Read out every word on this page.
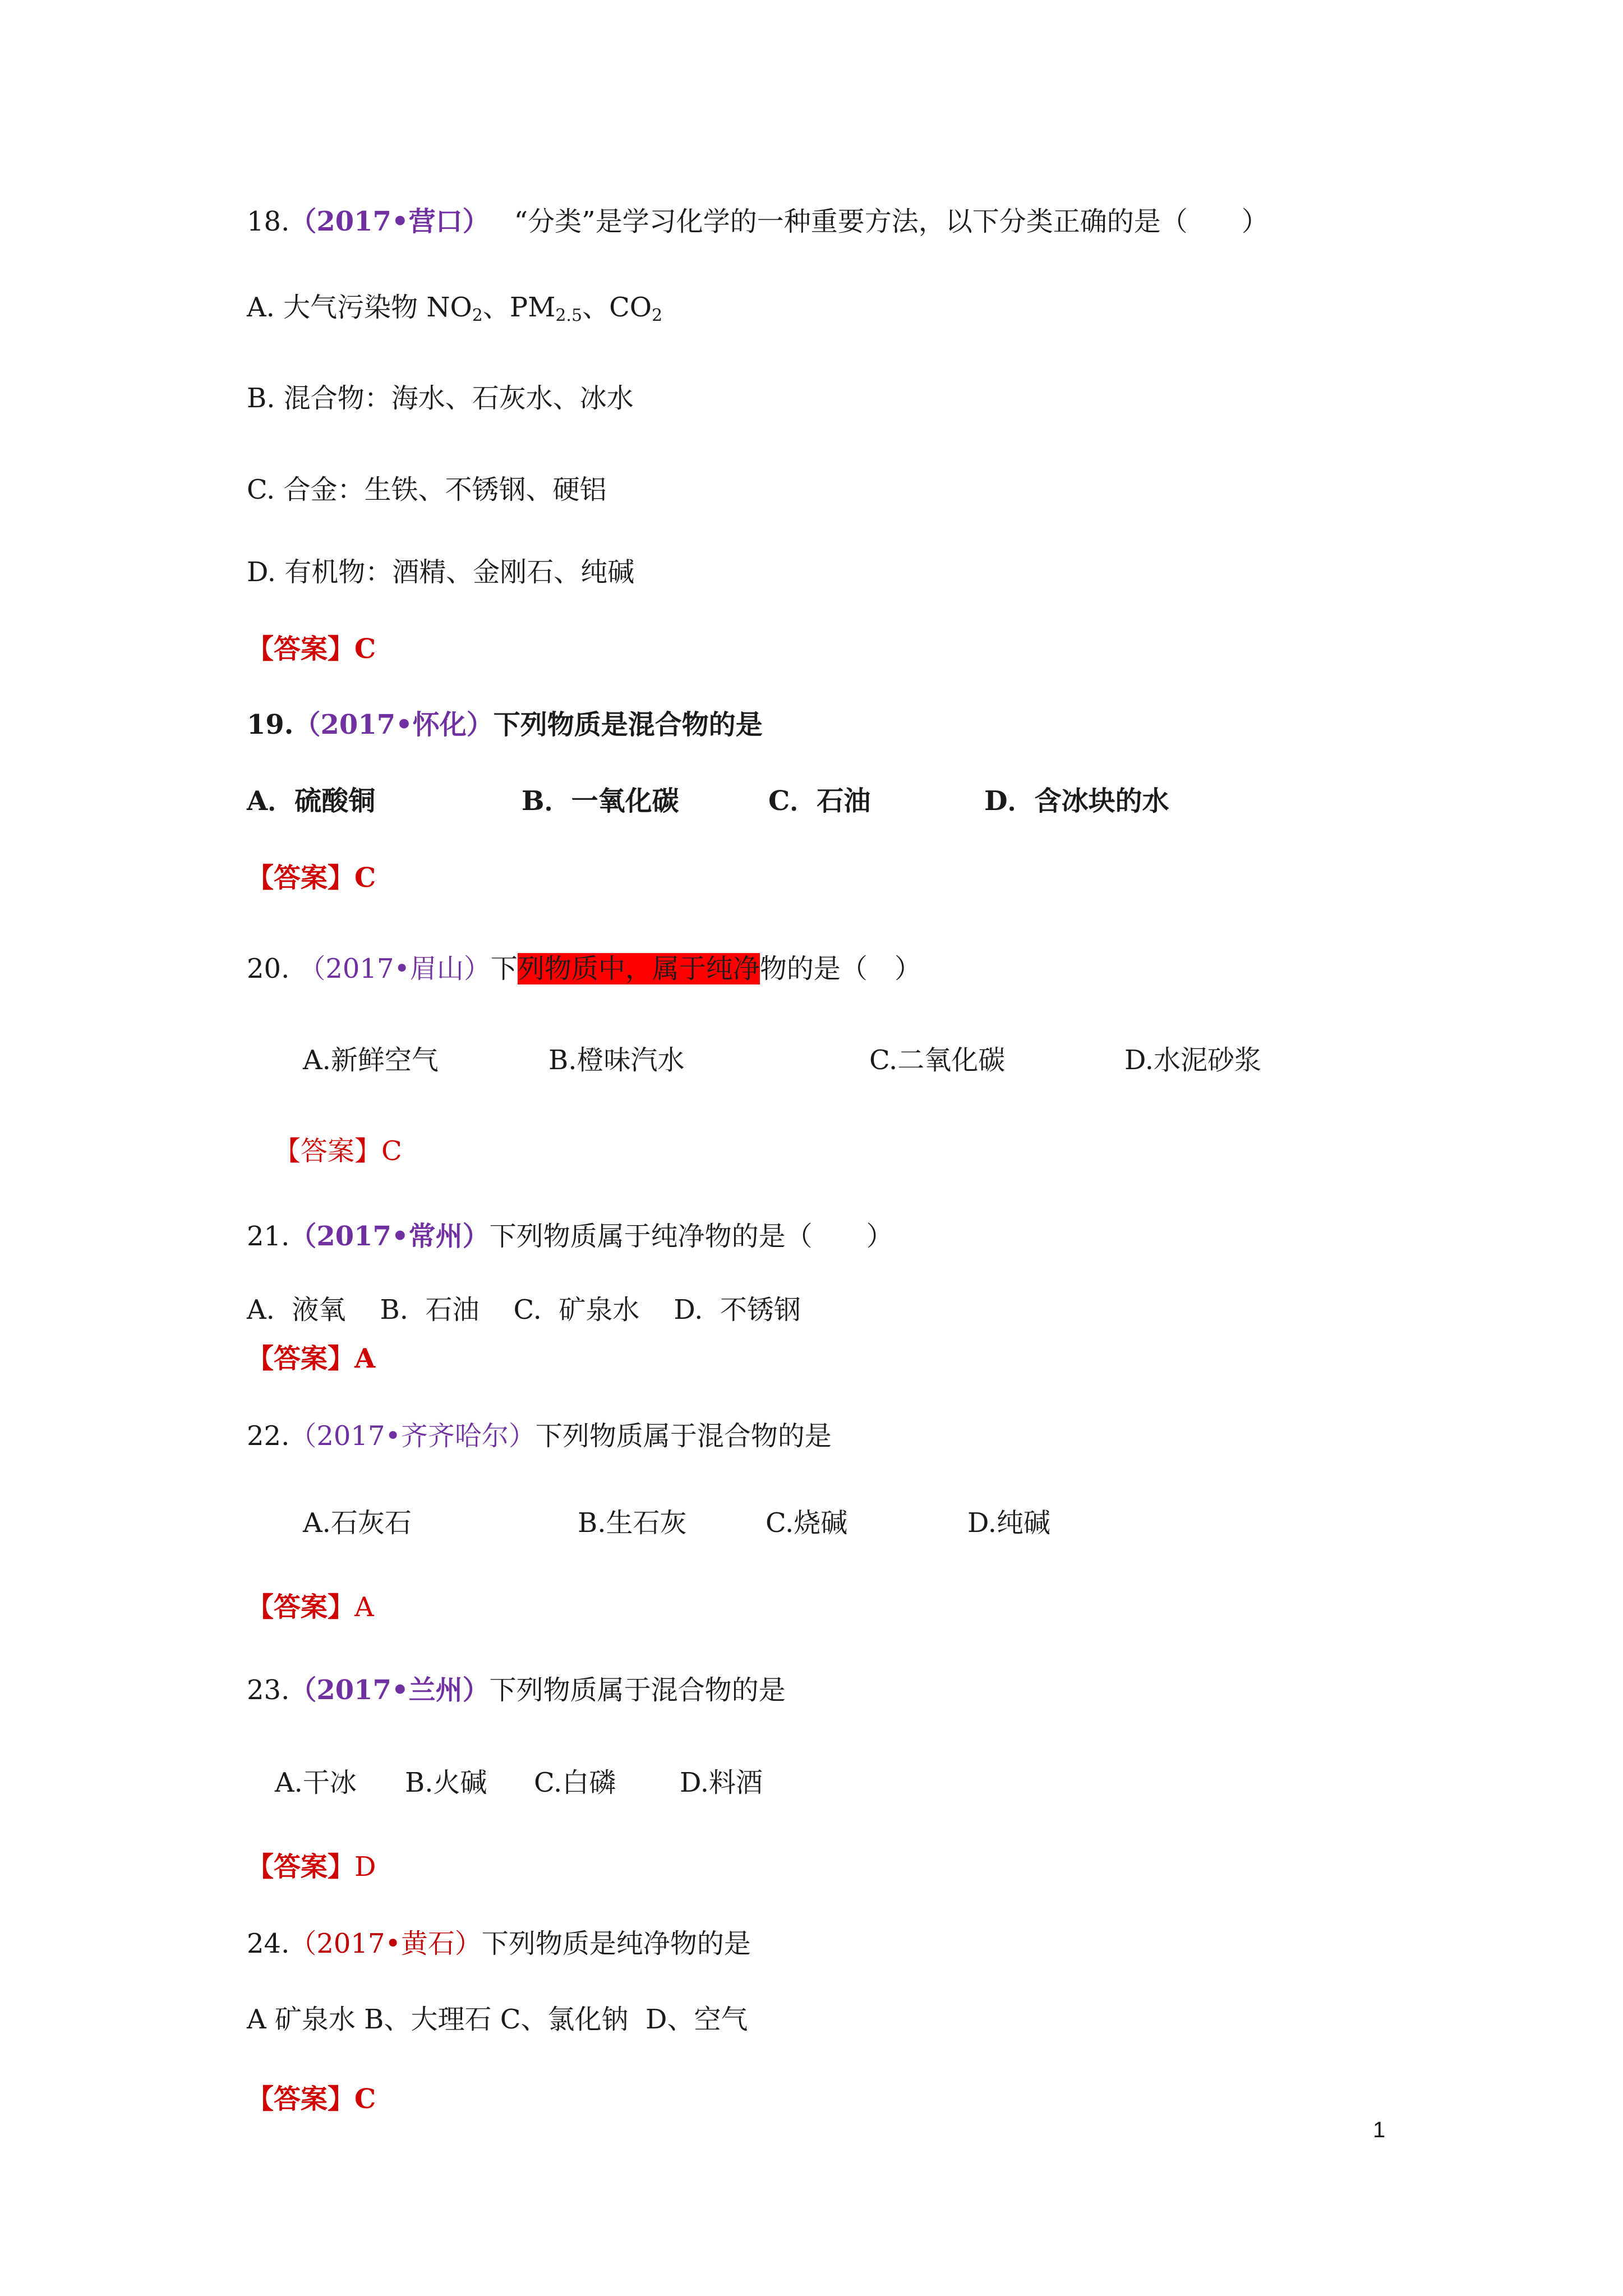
18.（2017•营口） “分类”是学习化学的一种重要方法，以下分类正确的是（　　）
A. 大气污染物 $NO_2$、$PM_{2.5}$、$CO_2$
B. 混合物：海水、石灰水、冰水
C. 合金：生铁、不锈钢、硬铝
D. 有机物：酒精、金刚石、纯碱
【答案】C
19.（2017•怀化）下列物质是混合物的是
A．硫酸铜	B．一氧化碳	C．石油	D．含冰块的水
【答案】C
20. （2017•眉山）下列物质中，属于纯净物的是（　）
A.新鲜空气	B.橙味汽水	C.二氧化碳	D.水泥砂浆
【答案】C
21.（2017•常州）下列物质属于纯净物的是（　　）
A.  液氧    B.  石油    C.  矿泉水    D.  不锈钢
【答案】A
22.（2017•齐齐哈尔）下列物质属于混合物的是
A.石灰石	B.生石灰	C.烧碱	D.纯碱
【答案】A
23.（2017•兰州）下列物质属于混合物的是
A.干冰 B.火碱 C.白磷 D.料酒
【答案】D
24.（2017•黄石）下列物质是纯净物的是
A 矿泉水 B、大理石 C、氯化钠  D、空气
【答案】C
1
